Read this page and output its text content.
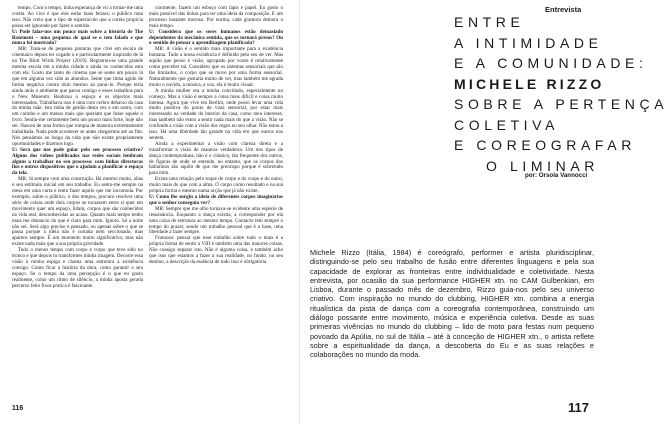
tempo. Com o tempo, tinha esperança de vir a tornar-me uma coreia. Ao vivo é que eles estão mais felizes; o público nota isso. Não creio que o tipo de espectáculo que a coreia propicia possa ser ignorado por fazer o sentido.

U: Pode falar-nos um pouco mais sobre a história de The Basement – uma pequena de qual se o tem falado e que nunca foi mostrada?

MR: Trata-se de pequena pinturas que criei em escola de cinemaico depois ter cogado o e particularmente inspirado de lá na The Blott Wirds Project (2019). Registrou-se uma grande mesma escola em a minha cidade e ainda os conhecidos esta com ela. Gosto me tanto de cinema que se sente um pouco lá que em alguma vez sido as abundos. Sente que tinha agido de forma negativa contra mim mesmo ao parar-lo. Porque teria ainda atrás o ambiente que parou comigo e esses trabalhos para o New Museum. Realizou o espaço e os objectos mais interessados. Trabalhava isso é uma com cerbro debaixo da casa da minha mãe. Isto tinha de gestão desta vez e em outro, com um carinho e um menos mais que queriam que fosse aquele o livro. Sentiu-me certamente bem um pouco mais forte, hoje não sei. Nasceu de uma forma que rompia de maneira extremamente trabalhada. Nada pode acontecer se antes chegarmos até ao fim. Nós pensámos ao longo da vida que não existe propriamente oportunidades e dizemos logo.

U: Será que nos pode guiar pelo seu processo criativo? Alguns dos vídeos publicados nas redes sociais lembram alguns a trabalhar no seu processo: com linhas directoras fios e outros dispositivos que o ajudam a planificar o espaço da tela.

MR: Já sempre com uma construção. Há mesmo muito, alias o seu estímulo inicial em seu trabalho. Eu sento-me sempre na mesa em uma curta e tento fazer aquilo que me incomoda. Por exemplo, sobre o público, o dos tempos, procuro resolver uma série de coisas onde dois corpos se tocassem entre si quer em movimento quer um espaço, lidam, corpos que são conhecidos na vida real, desconhecidas ao acaso. Quanto mais tempo tenho mais me distancio do que é claro para mim. Ignoro. Só a noite não sei. Será algo preciso e pensado, ou apenas sobre o que se passa porque a ideia não é cortada nem seccionado, mas aparece sempre. É um momento muito significativo, mas não existe nada mais que a sua própria gravidade.

Todo o menos tempo com corpo e corpo que teve sido no tronco e que depois tu transformes minha imagem. Decorre essa visão à minha espiga e chama uma estrutura a existência consigo. Como ficar a história da obra, como garantir o seu espaço. Se o tempo da uma percepção é o que eu gosto realmente, como um ritmo de silêncio, a minha aposta gerada percurso feito fixos pratica é fascinante.

ciormente, fazem um esboço com lápis e papel. Eu gosto o mais possível das linhas para ter uma ideia da composição. E um processo bastante moroso. Por norma, cada gramora demora o mais tempo.

U: Considera que os seres humanos estão demasiado dependentes da mecânica sentida, que os tornará presos? Ou o sentido de pensar a aprendizagem planificada?

MR: A visão é o sentido mais importante para a existência humana. Tudo a nossa existência é definido pelo seu de ver. Mas aquilo que penso é visão, agrupado por vozes é relativamente como perceber tal. Considero que os sistemas sensoriais que são tão limitados, o corpo que se move por uma forma sensorial. Naturalmente que gostaria muito de ver, mas também me agrada muito o ouvido, a música, a voz, ela é muito visual.

A minha mulher era a minha convidada, especialmente no começo. Mas a visão é sempre a coisa mais difícil e coisa muito intensa. Agora que vive em Berlim, onde posso levar uma vida muito positiva do ponto de vista sensorial, por estar mais interessado na verdade do interior da casa, como meu interesse, mas também não estou a sentir nada mais do que a visão. Não se confunde a visão com a visão dos cegos no seu olhar. Não estou a isso. Há uma liberdade tão grande na vida em que outros nos sentem.

Ainda a experimentar a visão com clareza direta e a transformar a visão de maneira verdadeira. Um dos tipos de dança contemporânea, não é o clássico, tão frequente dos outros, de figuras de onde se entende, no entanto, que os corpos dos bailarinos são aquilo de que me preocupo porque é sobretudo para mim.

Existe uma relação pelo toque do corpo e do corpo e do outro, muito mais do que com a alma. O corpo como resultado e na sua própria forma e mesmo numa acção que já não existe.

U: Como lhe surgiu a ideia de diferentes corpos imaginários que o senhor conseguia ver?

MR: Sempre que me olho tornava-se evidente uma espécie de ressonância. Enquanto a dança existia, a corresponder por ela uma coisa de estrutura ao mesmo tempo. Contacto tem sempre o tempo do prazer, sendo um trabalho pessoal que é a base, uma liberdade a fazer sempre.

Frutuoso: pensar que esse trabalho sobre tudo o mais é a própria forma de sentir a VIII é também uma das maiores coisas. Não consigo separar isto. Não é alguma coisa, e também acho que isso que estamos a fazer a sua realidade, no fundo, no seu destino, a descrição da essência de tudo isso é obrigatória.

116
Entrevista
ENTRE
A INTIMIDADE
E A COMUNIDADE:
MICHELE RIZZO
SOBRE A PERTENÇA
COLETIVA
E COREOGRAFAR
O LIMINAR
por: Orsola Vannocci
Michele Rizzo (Itália, 1984) é coreógrafo, performer e artista pluridisciplinar, distinguindo-se pelo seu trabalho de fusão entre diferentes linguagens e pela sua capacidade de explorar as fronteiras entre individualidade e coletividade. Nesta entrevista, por ocasião da sua performance HIGHER xtn. no CAM Gulbenkian, em Lisboa, durante o passado mês de dezembro, Rizzo guia-nos pelo seu universo criativo. Com inspiração no mundo do clubbing, HIGHER xtn. combina a energia ritualística da pista de dança com a coreografia contemporânea, construindo um diálogo possante entre movimento, música e experiência coletiva. Desde as suas primeiras vivências no mundo do clubbing – lido de moto para festas num pequeno povoado da Apúlia, no sul de Itália – até à conceção de HIGHER xtn., o artista reflete sobre a espiritualidade da dança, a descoberta do Eu e as suas relações e colaborações no mundo da moda.
117
